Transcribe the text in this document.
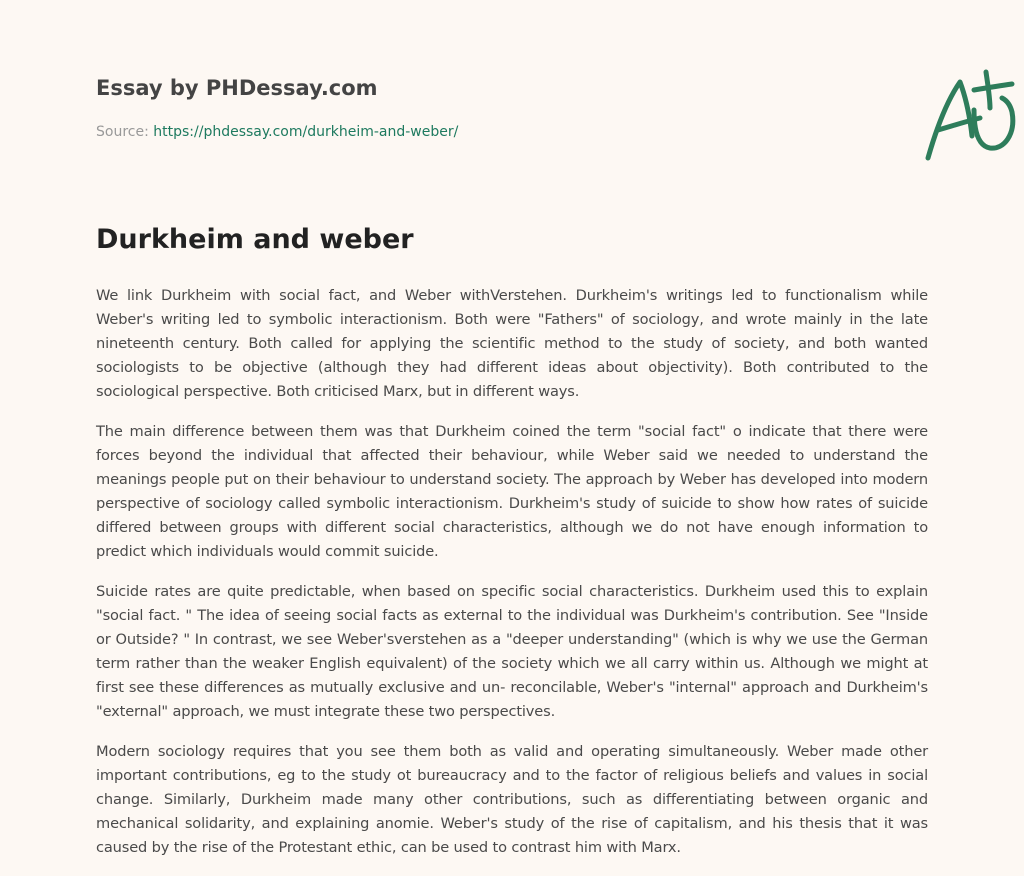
Essay by PHDessay.com
Source: https://phdessay.com/durkheim-and-weber/
Durkheim and weber

We link Durkheim with social fact, and Weber withVerstehen. Durkheim's writings led to functionalism while Weber's writing led to symbolic interactionism. Both were "Fathers" of sociology, and wrote mainly in the late nineteenth century. Both called for applying the scientific method to the study of society, and both wanted sociologists to be objective (although they had different ideas about objectivity). Both contributed to the sociological perspective. Both criticised Marx, but in different ways.

The main difference between them was that Durkheim coined the term "social fact" o indicate that there were forces beyond the individual that affected their behaviour, while Weber said we needed to understand the meanings people put on their behaviour to understand society. The approach by Weber has developed into modern perspective of sociology called symbolic interactionism. Durkheim's study of suicide to show how rates of suicide differed between groups with different social characteristics, although we do not have enough information to predict which individuals would commit suicide.

Suicide rates are quite predictable, when based on specific social characteristics. Durkheim used this to explain "social fact. " The idea of seeing social facts as external to the individual was Durkheim's contribution. See "Inside or Outside? " In contrast, we see Weber'sverstehen as a "deeper understanding" (which is why we use the German term rather than the weaker English equivalent) of the society which we all carry within us. Although we might at first see these differences as mutually exclusive and un- reconcilable, Weber's "internal" approach and Durkheim's "external" approach, we must integrate these two perspectives.

Modern sociology requires that you see them both as valid and operating simultaneously. Weber made other important contributions, eg to the study ot bureaucracy and to the factor of religious beliefs and values in social change. Similarly, Durkheim made many other contributions, such as differentiating between organic and mechanical solidarity, and explaining anomie. Weber's study of the rise of capitalism, and his thesis that it was caused by the rise of the Protestant ethic, can be used to contrast him with Marx.
